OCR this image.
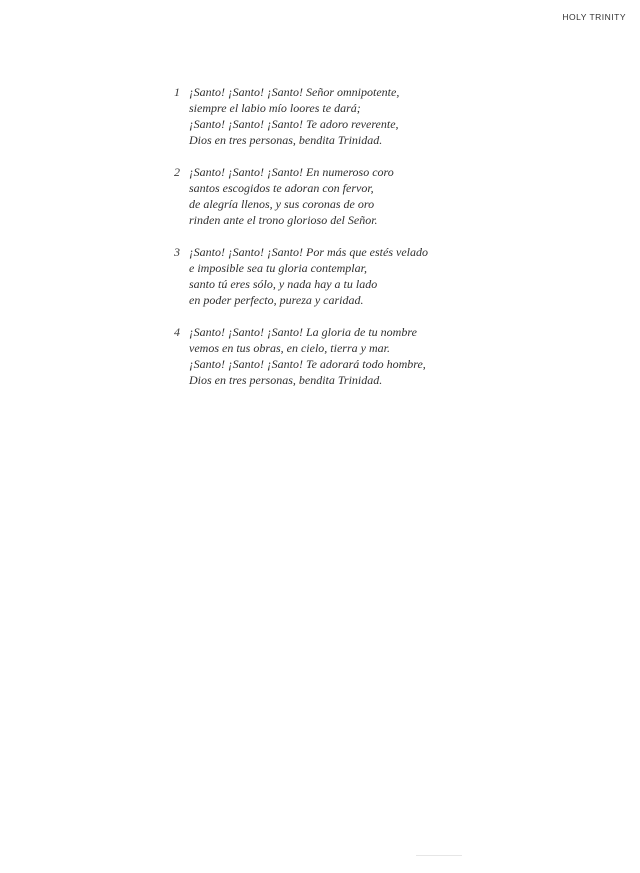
HOLY TRINITY
1 ¡Santo! ¡Santo! ¡Santo! Señor omnipotente,
siempre el labio mío loores te dará;
¡Santo! ¡Santo! ¡Santo! Te adoro reverente,
Dios en tres personas, bendita Trinidad.
2 ¡Santo! ¡Santo! ¡Santo! En numeroso coro
santos escogidos te adoran con fervor,
de alegría llenos, y sus coronas de oro
rinden ante el trono glorioso del Señor.
3 ¡Santo! ¡Santo! ¡Santo! Por más que estés velado
e imposible sea tu gloria contemplar,
santo tú eres sólo, y nada hay a tu lado
en poder perfecto, pureza y caridad.
4 ¡Santo! ¡Santo! ¡Santo! La gloria de tu nombre
vemos en tus obras, en cielo, tierra y mar.
¡Santo! ¡Santo! ¡Santo! Te adorará todo hombre,
Dios en tres personas, bendita Trinidad.
